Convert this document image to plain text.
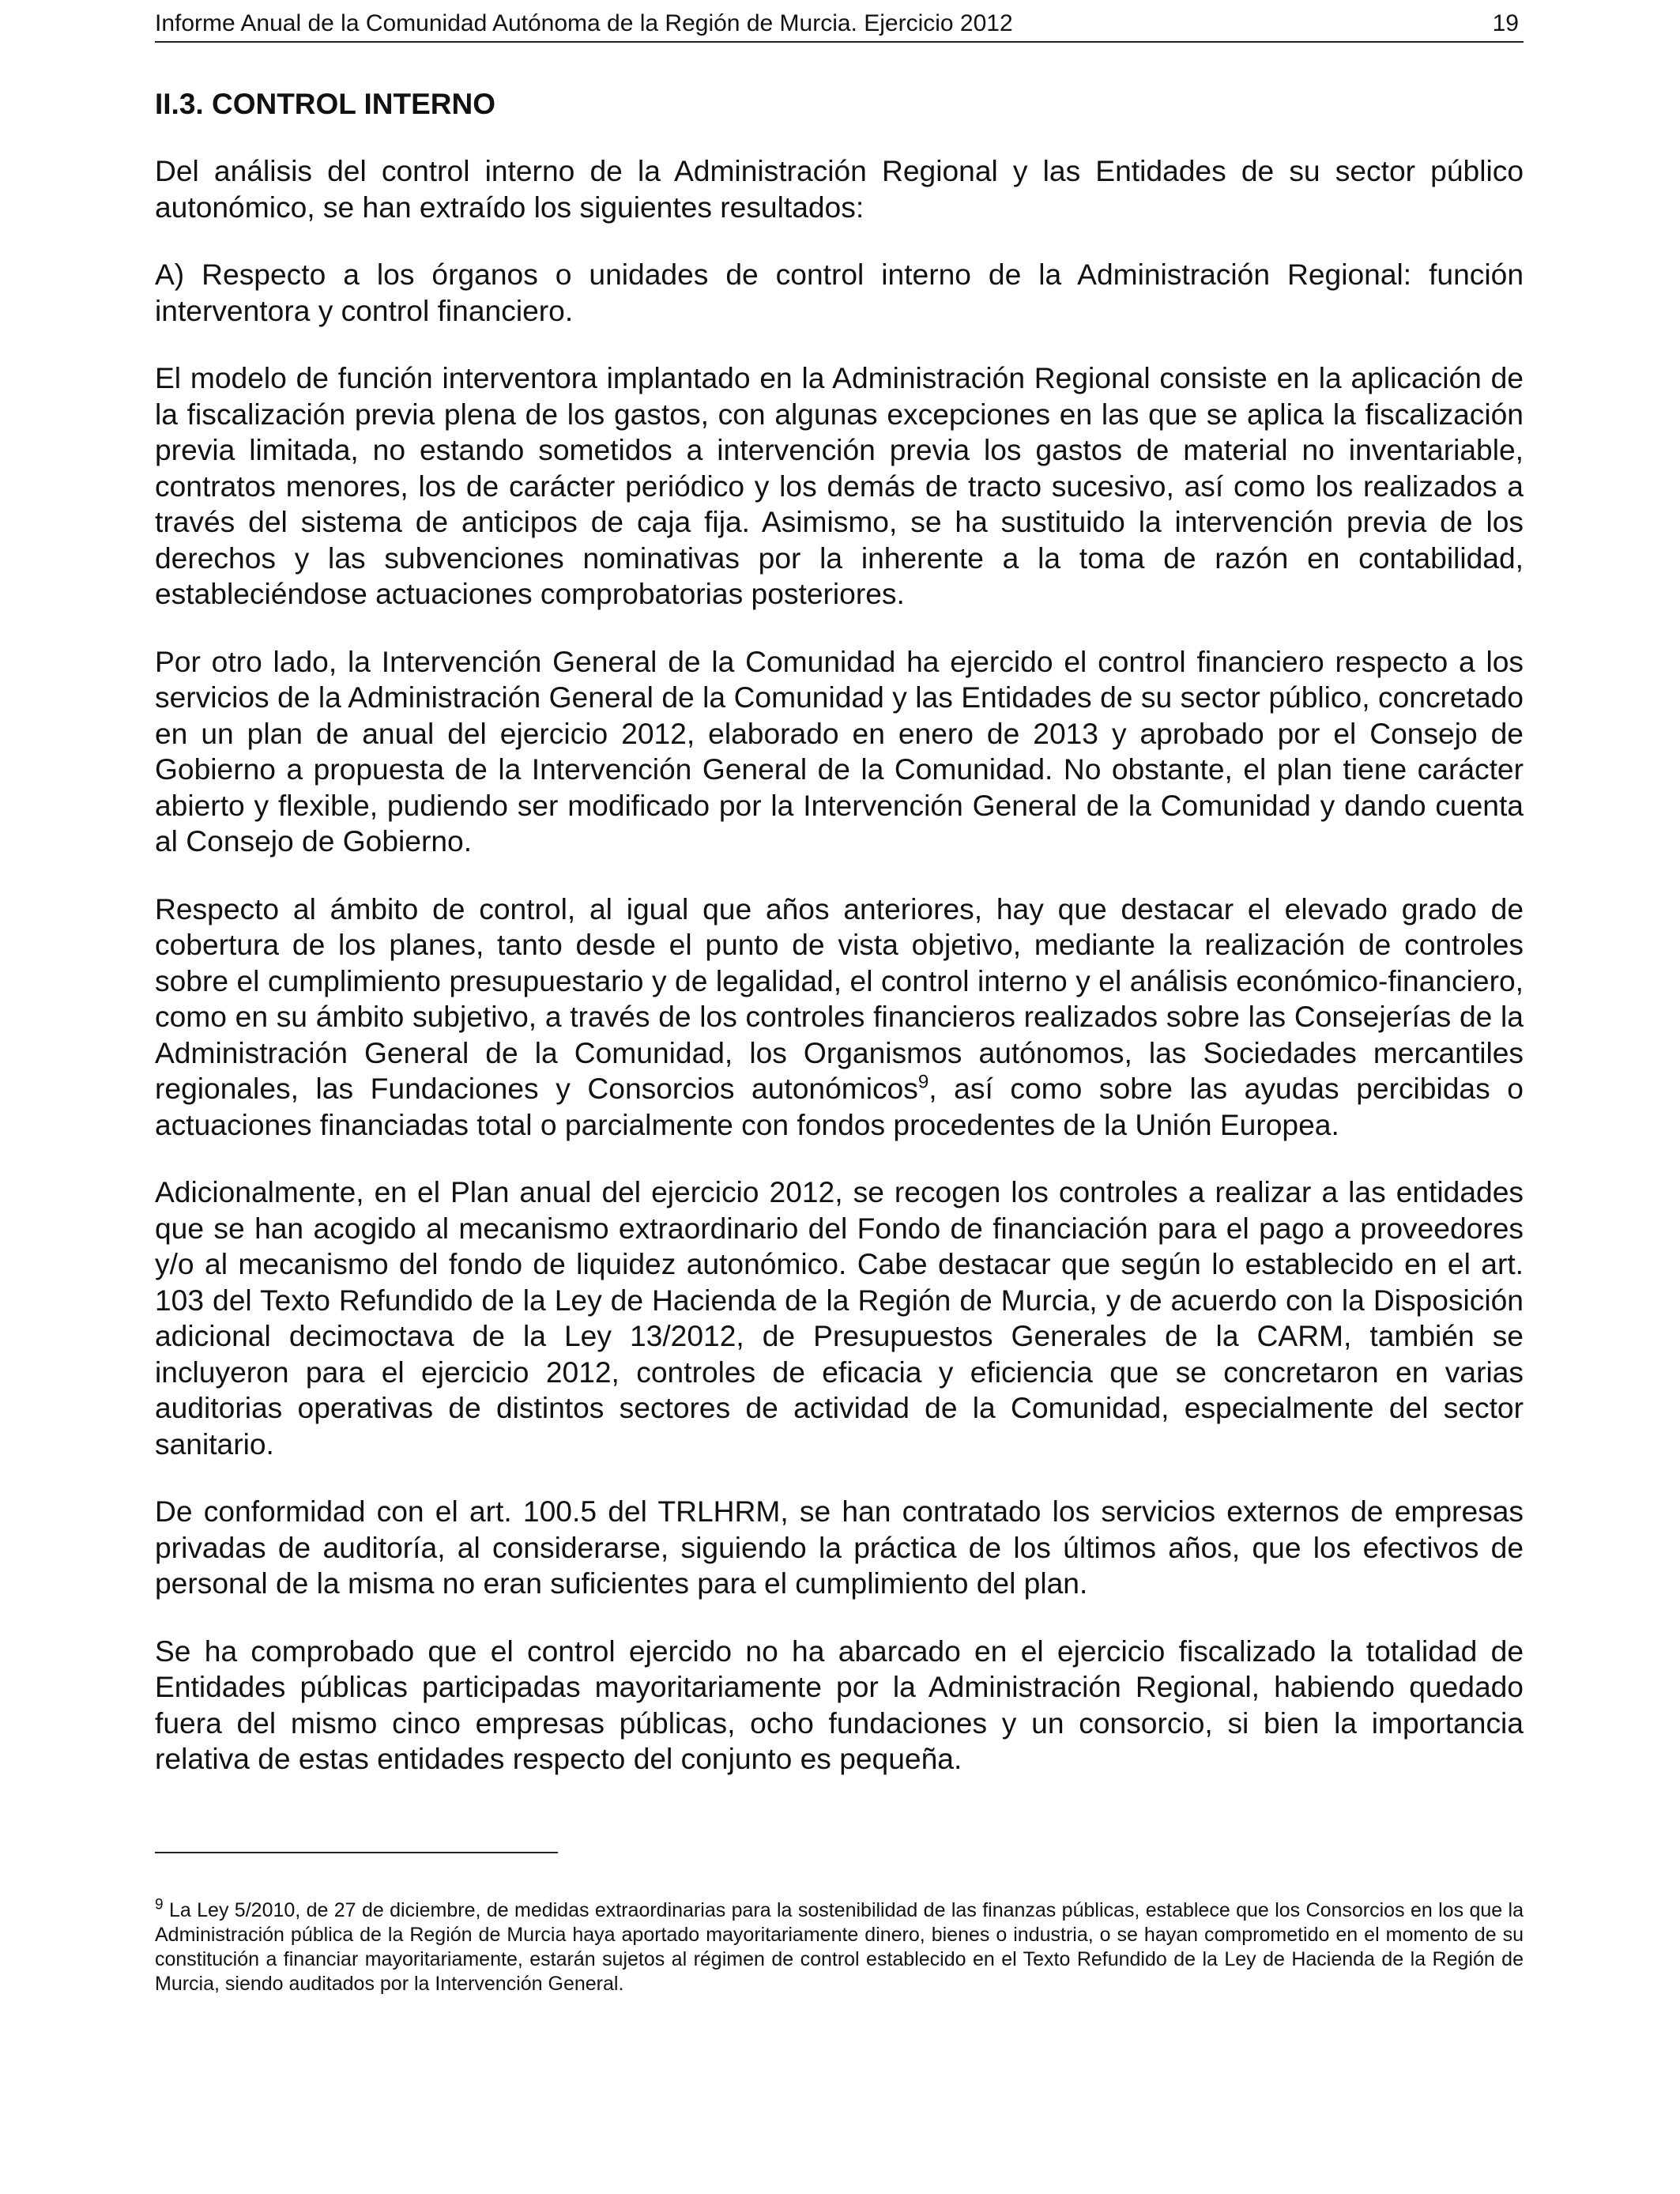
Informe Anual de la Comunidad Autónoma de la Región de Murcia. Ejercicio 2012	19
II.3. CONTROL INTERNO

Del análisis del control interno de la Administración Regional y las Entidades de su sector público autonómico, se han extraído los siguientes resultados:

A) Respecto a los órganos o unidades de control interno de la Administración Regional: función interventora y control financiero.

El modelo de función interventora implantado en la Administración Regional consiste en la aplicación de la fiscalización previa plena de los gastos, con algunas excepciones en las que se aplica la fiscalización previa limitada, no estando sometidos a intervención previa los gastos de material no inventariable, contratos menores, los de carácter periódico y los demás de tracto sucesivo, así como los realizados a través del sistema de anticipos de caja fija. Asimismo, se ha sustituido la intervención previa de los derechos y las subvenciones nominativas por la inherente a la toma de razón en contabilidad, estableciéndose actuaciones comprobatorias posteriores.

Por otro lado, la Intervención General de la Comunidad ha ejercido el control financiero respecto a los servicios de la Administración General de la Comunidad y las Entidades de su sector público, concretado en un plan de anual del ejercicio 2012, elaborado en enero de 2013 y aprobado por el Consejo de Gobierno a propuesta de la Intervención General de la Comunidad. No obstante, el plan tiene carácter abierto y flexible, pudiendo ser modificado por la Intervención General de la Comunidad y dando cuenta al Consejo de Gobierno.

Respecto al ámbito de control, al igual que años anteriores, hay que destacar el elevado grado de cobertura de los planes, tanto desde el punto de vista objetivo, mediante la realización de controles sobre el cumplimiento presupuestario y de legalidad, el control interno y el análisis económico-financiero, como en su ámbito subjetivo, a través de los controles financieros realizados sobre las Consejerías de la Administración General de la Comunidad, los Organismos autónomos, las Sociedades mercantiles regionales, las Fundaciones y Consorcios autonómicos$^9$, así como sobre las ayudas percibidas o actuaciones financiadas total o parcialmente con fondos procedentes de la Unión Europea.

Adicionalmente, en el Plan anual del ejercicio 2012, se recogen los controles a realizar a las entidades que se han acogido al mecanismo extraordinario del Fondo de financiación para el pago a proveedores y/o al mecanismo del fondo de liquidez autonómico. Cabe destacar que según lo establecido en el art. 103 del Texto Refundido de la Ley de Hacienda de la Región de Murcia, y de acuerdo con la Disposición adicional decimoctava de la Ley 13/2012, de Presupuestos Generales de la CARM, también se incluyeron para el ejercicio 2012, controles de eficacia y eficiencia que se concretaron en varias auditorias operativas de distintos sectores de actividad de la Comunidad, especialmente del sector sanitario.

De conformidad con el art. 100.5 del TRLHRM, se han contratado los servicios externos de empresas privadas de auditoría, al considerarse, siguiendo la práctica de los últimos años, que los efectivos de personal de la misma no eran suficientes para el cumplimiento del plan.

Se ha comprobado que el control ejercido no ha abarcado en el ejercicio fiscalizado la totalidad de Entidades públicas participadas mayoritariamente por la Administración Regional, habiendo quedado fuera del mismo cinco empresas públicas, ocho fundaciones y un consorcio, si bien la importancia relativa de estas entidades respecto del conjunto es pequeña.

$^9$ La Ley 5/2010, de 27 de diciembre, de medidas extraordinarias para la sostenibilidad de las finanzas públicas, establece que los Consorcios en los que la Administración pública de la Región de Murcia haya aportado mayoritariamente dinero, bienes o industria, o se hayan comprometido en el momento de su constitución a financiar mayoritariamente, estarán sujetos al régimen de control establecido en el Texto Refundido de la Ley de Hacienda de la Región de Murcia, siendo auditados por la Intervención General.
